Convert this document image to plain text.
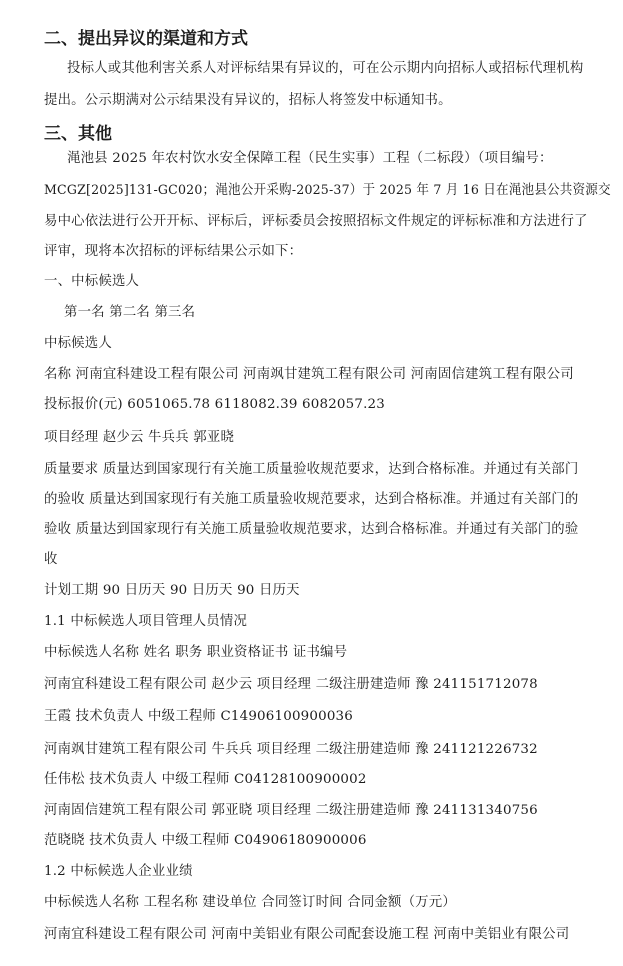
二、提出异议的渠道和方式
投标人或其他利害关系人对评标结果有异议的，可在公示期内向招标人或招标代理机构
提出。公示期满对公示结果没有异议的，招标人将签发中标通知书。
三、其他
渑池县 2025 年农村饮水安全保障工程（民生实事）工程（二标段）（项目编号：
MCGZ[2025]131-GC020；渑池公开采购-2025-37）于 2025 年 7 月 16 日在渑池县公共资源交
易中心依法进行公开开标、评标后，评标委员会按照招标文件规定的评标标准和方法进行了
评审，现将本次招标的评标结果公示如下：
一、中标候选人
第一名 第二名 第三名
中标候选人
名称 河南宜科建设工程有限公司 河南飒甘建筑工程有限公司 河南固信建筑工程有限公司
投标报价(元) 6051065.78 6118082.39 6082057.23
项目经理 赵少云 牛兵兵 郭亚晓
质量要求 质量达到国家现行有关施工质量验收规范要求，达到合格标准。并通过有关部门
的验收 质量达到国家现行有关施工质量验收规范要求，达到合格标准。并通过有关部门的
验收 质量达到国家现行有关施工质量验收规范要求，达到合格标准。并通过有关部门的验
收
计划工期 90 日历天 90 日历天 90 日历天
1.1 中标候选人项目管理人员情况
中标候选人名称 姓名 职务 职业资格证书 证书编号
河南宜科建设工程有限公司 赵少云 项目经理 二级注册建造师 豫 241151712078
王霞 技术负责人 中级工程师 C14906100900036
河南飒甘建筑工程有限公司 牛兵兵 项目经理 二级注册建造师 豫 241121226732
任伟松 技术负责人 中级工程师 C04128100900002
河南固信建筑工程有限公司 郭亚晓 项目经理 二级注册建造师 豫 241131340756
范晓晓 技术负责人 中级工程师 C04906180900006
1.2 中标候选人企业业绩
中标候选人名称 工程名称 建设单位 合同签订时间 合同金额（万元）
河南宜科建设工程有限公司 河南中美铝业有限公司配套设施工程 河南中美铝业有限公司
